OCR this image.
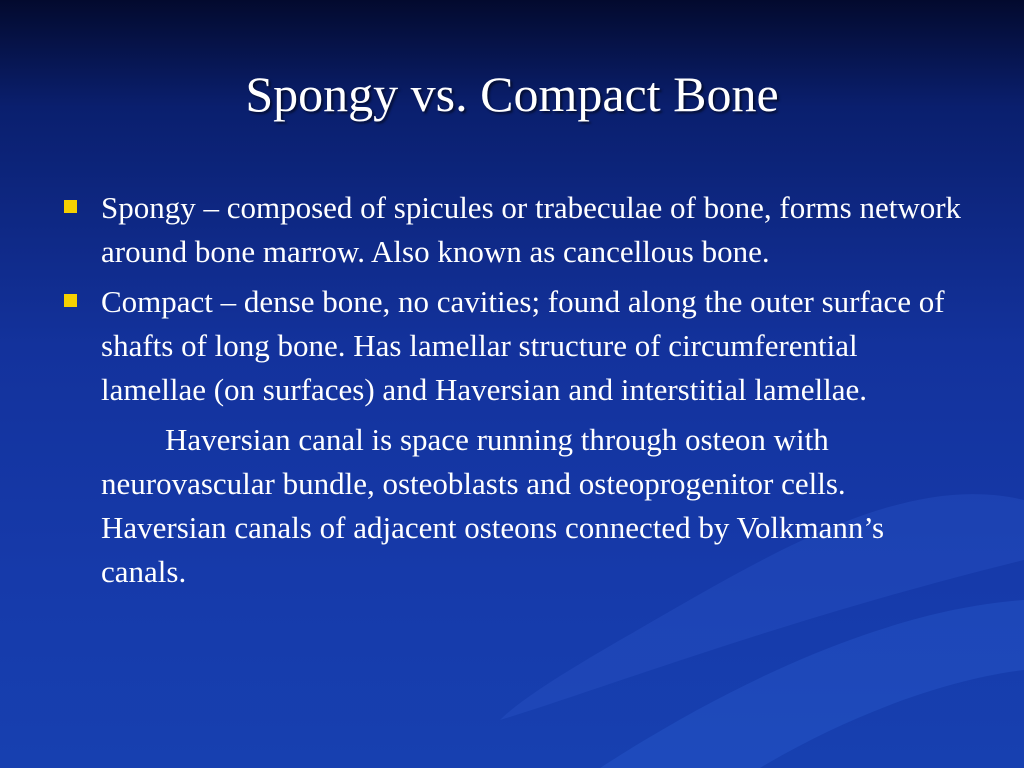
Spongy vs. Compact Bone
Spongy – composed of spicules or trabeculae of bone, forms network around bone marrow. Also known as cancellous bone.
Compact – dense bone, no cavities; found along the outer surface of shafts of long bone. Has lamellar structure of circumferential lamellae (on surfaces) and Haversian and interstitial lamellae.

Haversian canal is space running through osteon with neurovascular bundle, osteoblasts and osteoprogenitor cells. Haversian canals of adjacent osteons connected by Volkmann’s canals.
